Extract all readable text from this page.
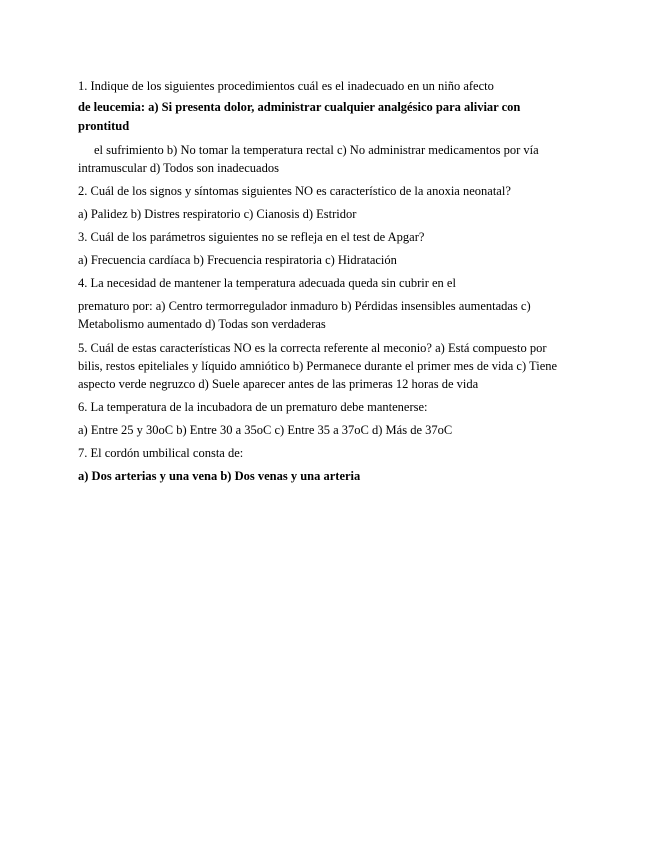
1. Indique de los siguientes procedimientos cuál es el inadecuado en un niño afecto
de leucemia: a) Si presenta dolor, administrar cualquier analgésico para aliviar con
prontitud
el sufrimiento b) No tomar la temperatura rectal c) No administrar medicamentos por vía
intramuscular d) Todos son inadecuados
2. Cuál de los signos y síntomas siguientes NO es característico de la anoxia neonatal?
a) Palidez b) Distres respiratorio c) Cianosis d) Estridor
3. Cuál de los parámetros siguientes no se refleja en el test de Apgar?
a) Frecuencia cardíaca b) Frecuencia respiratoria c) Hidratación
4. La necesidad de mantener la temperatura adecuada queda sin cubrir en el
prematuro por: a) Centro termorregulador inmaduro b) Pérdidas insensibles aumentadas c)
Metabolismo aumentado d) Todas son verdaderas
5. Cuál de estas características NO es la correcta referente al meconio? a) Está compuesto por
bilis, restos epiteliales y líquido amniótico b) Permanece durante el primer mes de vida c) Tiene
aspecto verde negruzco d) Suele aparecer antes de las primeras 12 horas de vida
6. La temperatura de la incubadora de un prematuro debe mantenerse:
a) Entre 25 y 30oC b) Entre 30 a 35oC c) Entre 35 a 37oC d) Más de 37oC
7. El cordón umbilical consta de:
a) Dos arterias y una vena b) Dos venas y una arteria
